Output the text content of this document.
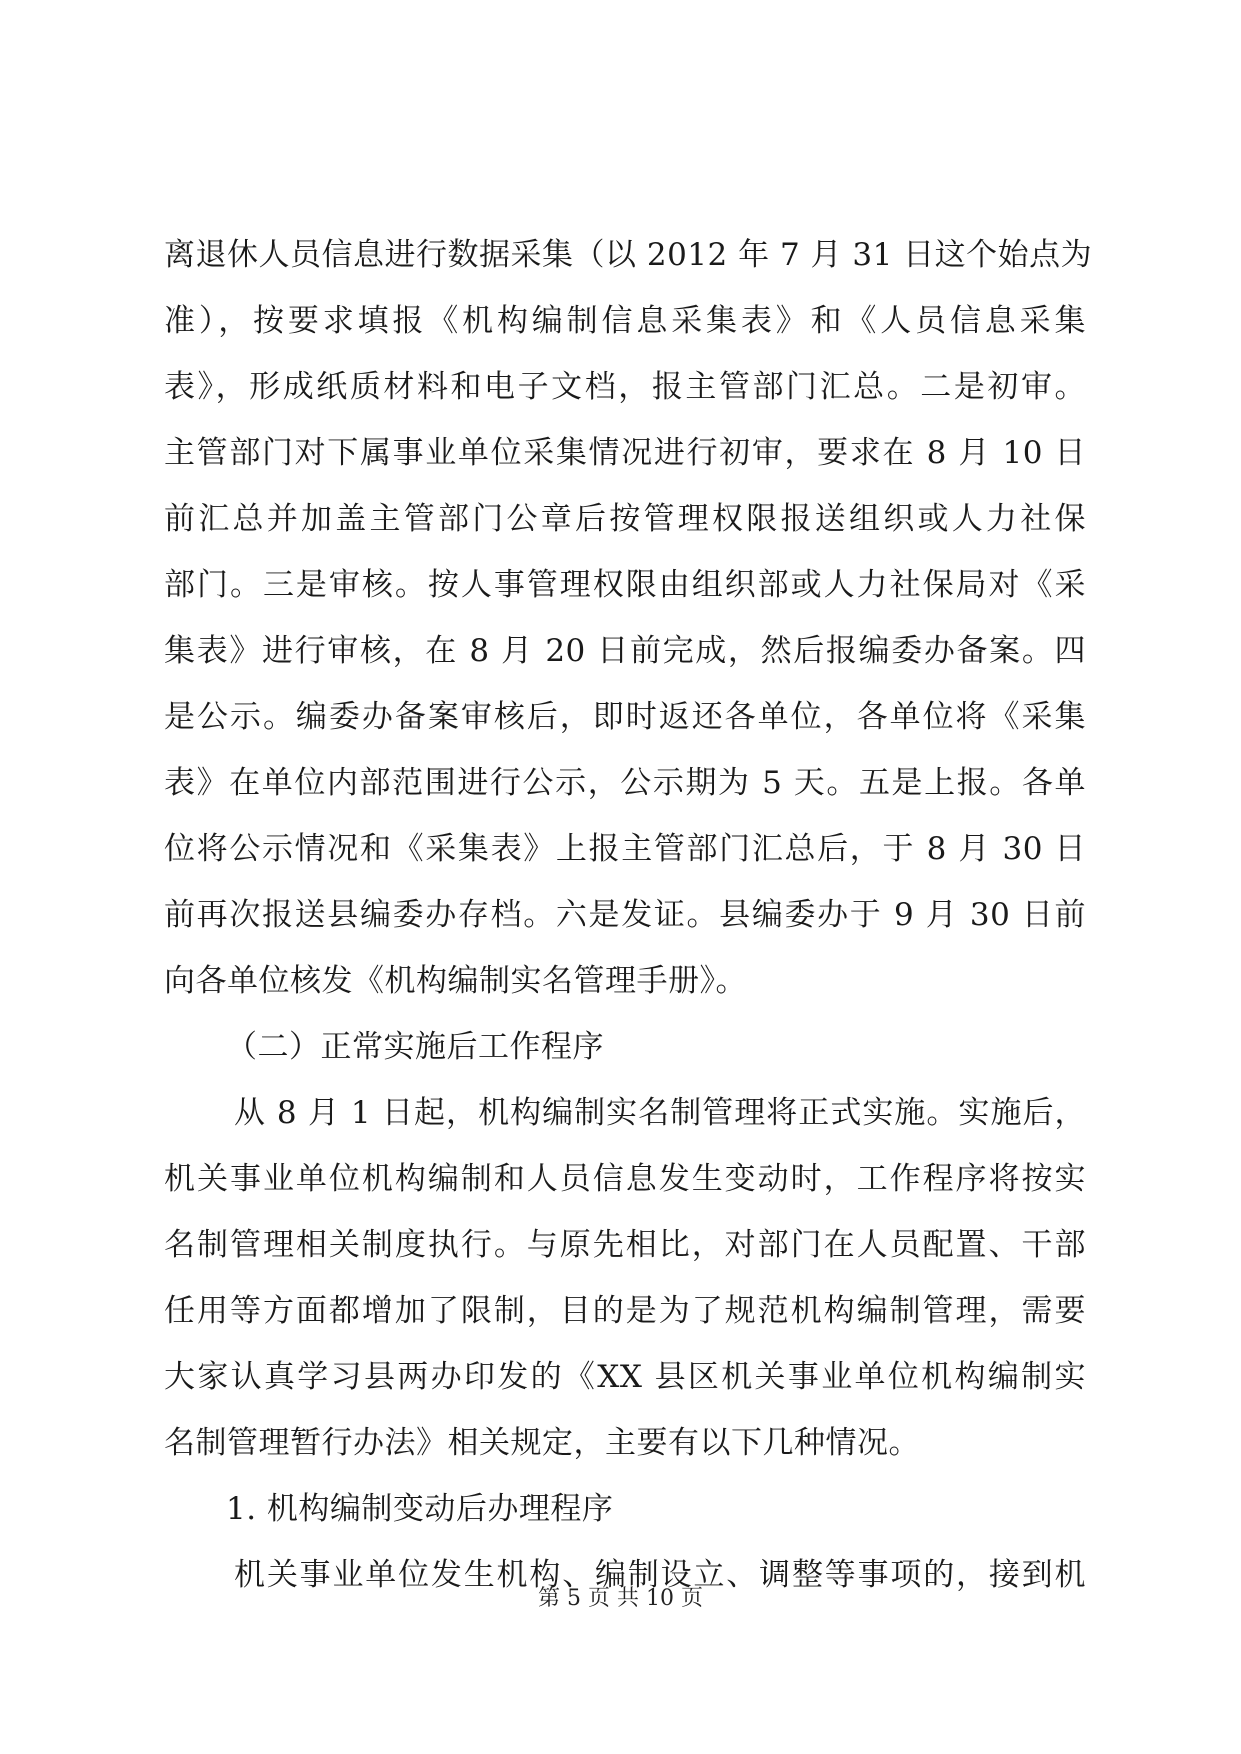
离退休人员信息进行数据采集（以 2012 年 7 月 31 日这个始点为
准），按要求填报《机构编制信息采集表》和《人员信息采集
表》，形成纸质材料和电子文档，报主管部门汇总。二是初审。
主管部门对下属事业单位采集情况进行初审，要求在 8 月 10 日
前汇总并加盖主管部门公章后按管理权限报送组织或人力社保
部门。三是审核。按人事管理权限由组织部或人力社保局对《采
集表》进行审核，在 8 月 20 日前完成，然后报编委办备案。四
是公示。编委办备案审核后，即时返还各单位，各单位将《采集
表》在单位内部范围进行公示，公示期为 5 天。五是上报。各单
位将公示情况和《采集表》上报主管部门汇总后，于 8 月 30 日
前再次报送县编委办存档。六是发证。县编委办于 9 月 30 日前
向各单位核发《机构编制实名管理手册》。
（二）正常实施后工作程序
从 8 月 1 日起，机构编制实名制管理将正式实施。实施后，
机关事业单位机构编制和人员信息发生变动时，工作程序将按实
名制管理相关制度执行。与原先相比，对部门在人员配置、干部
任用等方面都增加了限制，目的是为了规范机构编制管理，需要
大家认真学习县两办印发的《XX 县区机关事业单位机构编制实
名制管理暂行办法》相关规定，主要有以下几种情况。
1. 机构编制变动后办理程序
机关事业单位发生机构、编制设立、调整等事项的，接到机
第 5 页 共 10 页
